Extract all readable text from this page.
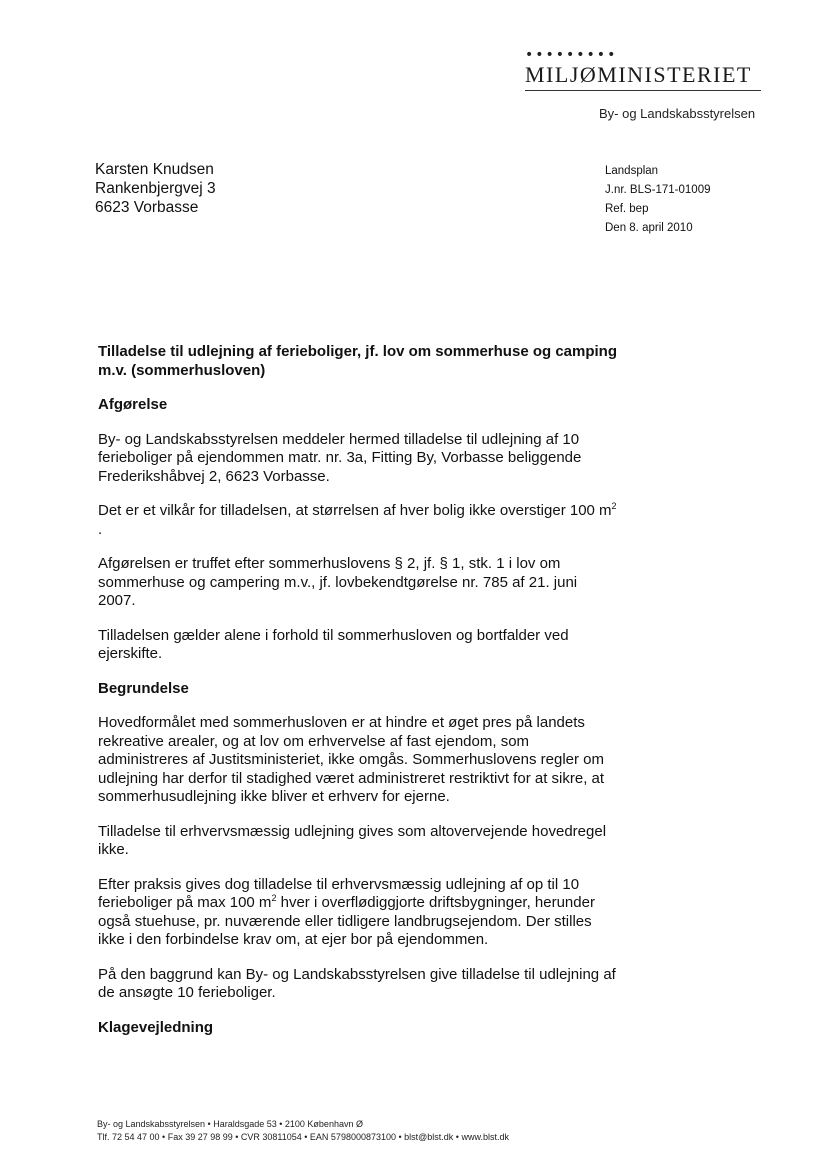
•••••••••
MILJØMINISTERIET
By- og Landskabsstyrelsen
Karsten Knudsen
Rankenbjergvej 3
6623 Vorbasse
Landsplan
J.nr. BLS-171-01009
Ref. bep
Den 8. april 2010

Tilladelse til udlejning af ferieboliger, jf. lov om sommerhuse og camping m.v. (sommerhusloven)

Afgørelse

By- og Landskabsstyrelsen meddeler hermed tilladelse til udlejning af 10 ferieboliger på ejendommen matr. nr. 3a, Fitting By, Vorbasse beliggende Frederikshåbvej 2, 6623 Vorbasse.

Det er et vilkår for tilladelsen, at størrelsen af hver bolig ikke overstiger 100 $m^2$ .

Afgørelsen er truffet efter sommerhuslovens § 2, jf. § 1, stk. 1 i lov om sommerhuse og campering m.v., jf. lovbekendtgørelse nr. 785 af 21. juni 2007.

Tilladelsen gælder alene i forhold til sommerhusloven og bortfalder ved ejerskifte.

Begrundelse

Hovedformålet med sommerhusloven er at hindre et øget pres på landets rekreative arealer, og at lov om erhvervelse af fast ejendom, som administreres af Justitsministeriet, ikke omgås. Sommerhuslovens regler om udlejning har derfor til stadighed været administreret restriktivt for at sikre, at sommerhusudlejning ikke bliver et erhverv for ejerne.

Tilladelse til erhvervsmæssig udlejning gives som altovervejende hovedregel ikke.

Efter praksis gives dog tilladelse til erhvervsmæssig udlejning af op til 10 ferieboliger på max 100 $m^2$ hver i overflødiggjorte driftsbygninger, herunder også stuehuse, pr. nuværende eller tidligere landbrugsejendom. Der stilles ikke i den forbindelse krav om, at ejer bor på ejendommen.

På den baggrund kan By- og Landskabsstyrelsen give tilladelse til udlejning af de ansøgte 10 ferieboliger.

Klagevejledning

By- og Landskabsstyrelsen • Haraldsgade 53 • 2100 København Ø
Tlf. 72 54 47 00 • Fax 39 27 98 99 • CVR 30811054 • EAN 5798000873100 • blst@blst.dk • www.blst.dk
